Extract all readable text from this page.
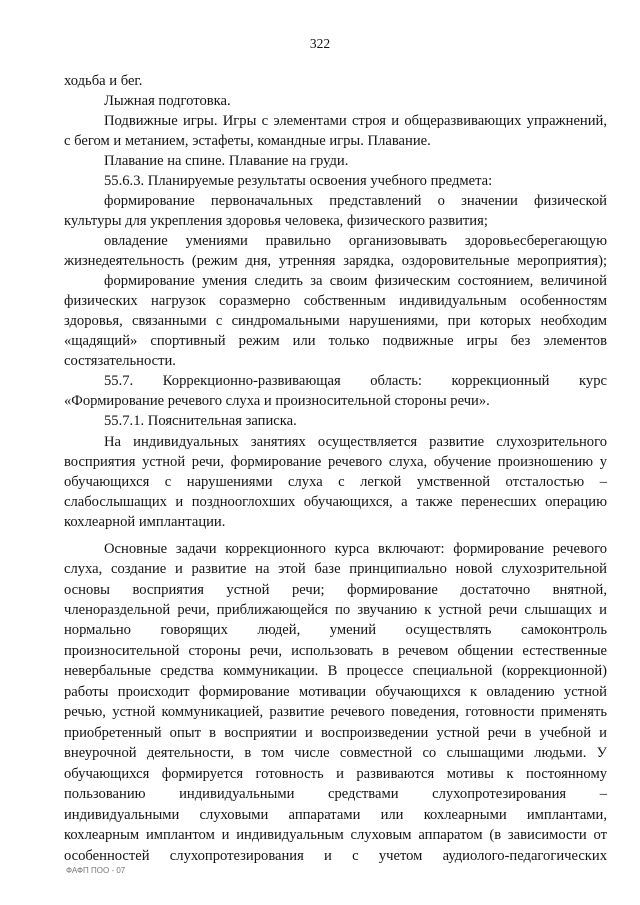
322
ходьба и бег.
Лыжная подготовка.
Подвижные игры. Игры с элементами строя и общеразвивающих упражнений,
с бегом и метанием, эстафеты, командные игры. Плавание.
Плавание на спине. Плавание на груди.
55.6.3. Планируемые результаты освоения учебного предмета:
формирование первоначальных представлений о значении физической
культуры для укрепления здоровья человека, физического развития;
овладение умениями правильно организовывать здоровьесберегающую
жизнедеятельность (режим дня, утренняя зарядка, оздоровительные мероприятия);
формирование умения следить за своим физическим состоянием, величиной
физических нагрузок соразмерно собственным индивидуальным особенностям
здоровья, связанными с синдромальными нарушениями, при которых необходим
«щадящий» спортивный режим или только подвижные игры без элементов
состязательности.
55.7. Коррекционно-развивающая область: коррекционный курс
«Формирование речевого слуха и произносительной стороны речи».
55.7.1. Пояснительная записка.
На индивидуальных занятиях осуществляется развитие слухозрительного
восприятия устной речи, формирование речевого слуха, обучение произношению у
обучающихся с нарушениями слуха с легкой умственной отсталостью –
слабослышащих и позднооглохших обучающихся, а также перенесших операцию
кохлеарной имплантации.
Основные задачи коррекционного курса включают: формирование речевого
слуха, создание и развитие на этой базе принципиально новой слухозрительной
основы восприятия устной речи; формирование достаточно внятной,
членораздельной речи, приближающейся по звучанию к устной речи слышащих и
нормально говорящих людей, умений осуществлять самоконтроль
произносительной стороны речи, использовать в речевом общении естественные
невербальные средства коммуникации. В процессе специальной (коррекционной)
работы происходит формирование мотивации обучающихся к овладению устной
речью, устной коммуникацией, развитие речевого поведения, готовности применять
приобретенный опыт в восприятии и воспроизведении устной речи в учебной и
внеурочной деятельности, в том числе совместной со слышащими людьми. У
обучающихся формируется готовность и развиваются мотивы к постоянному
пользованию индивидуальными средствами слухопротезирования –
индивидуальными слуховыми аппаратами или кохлеарными имплантами,
кохлеарным имплантом и индивидуальным слуховым аппаратом (в зависимости от
особенностей слухопротезирования и с учетом аудиолого-педагогических
ФАФП ПОО - 07
